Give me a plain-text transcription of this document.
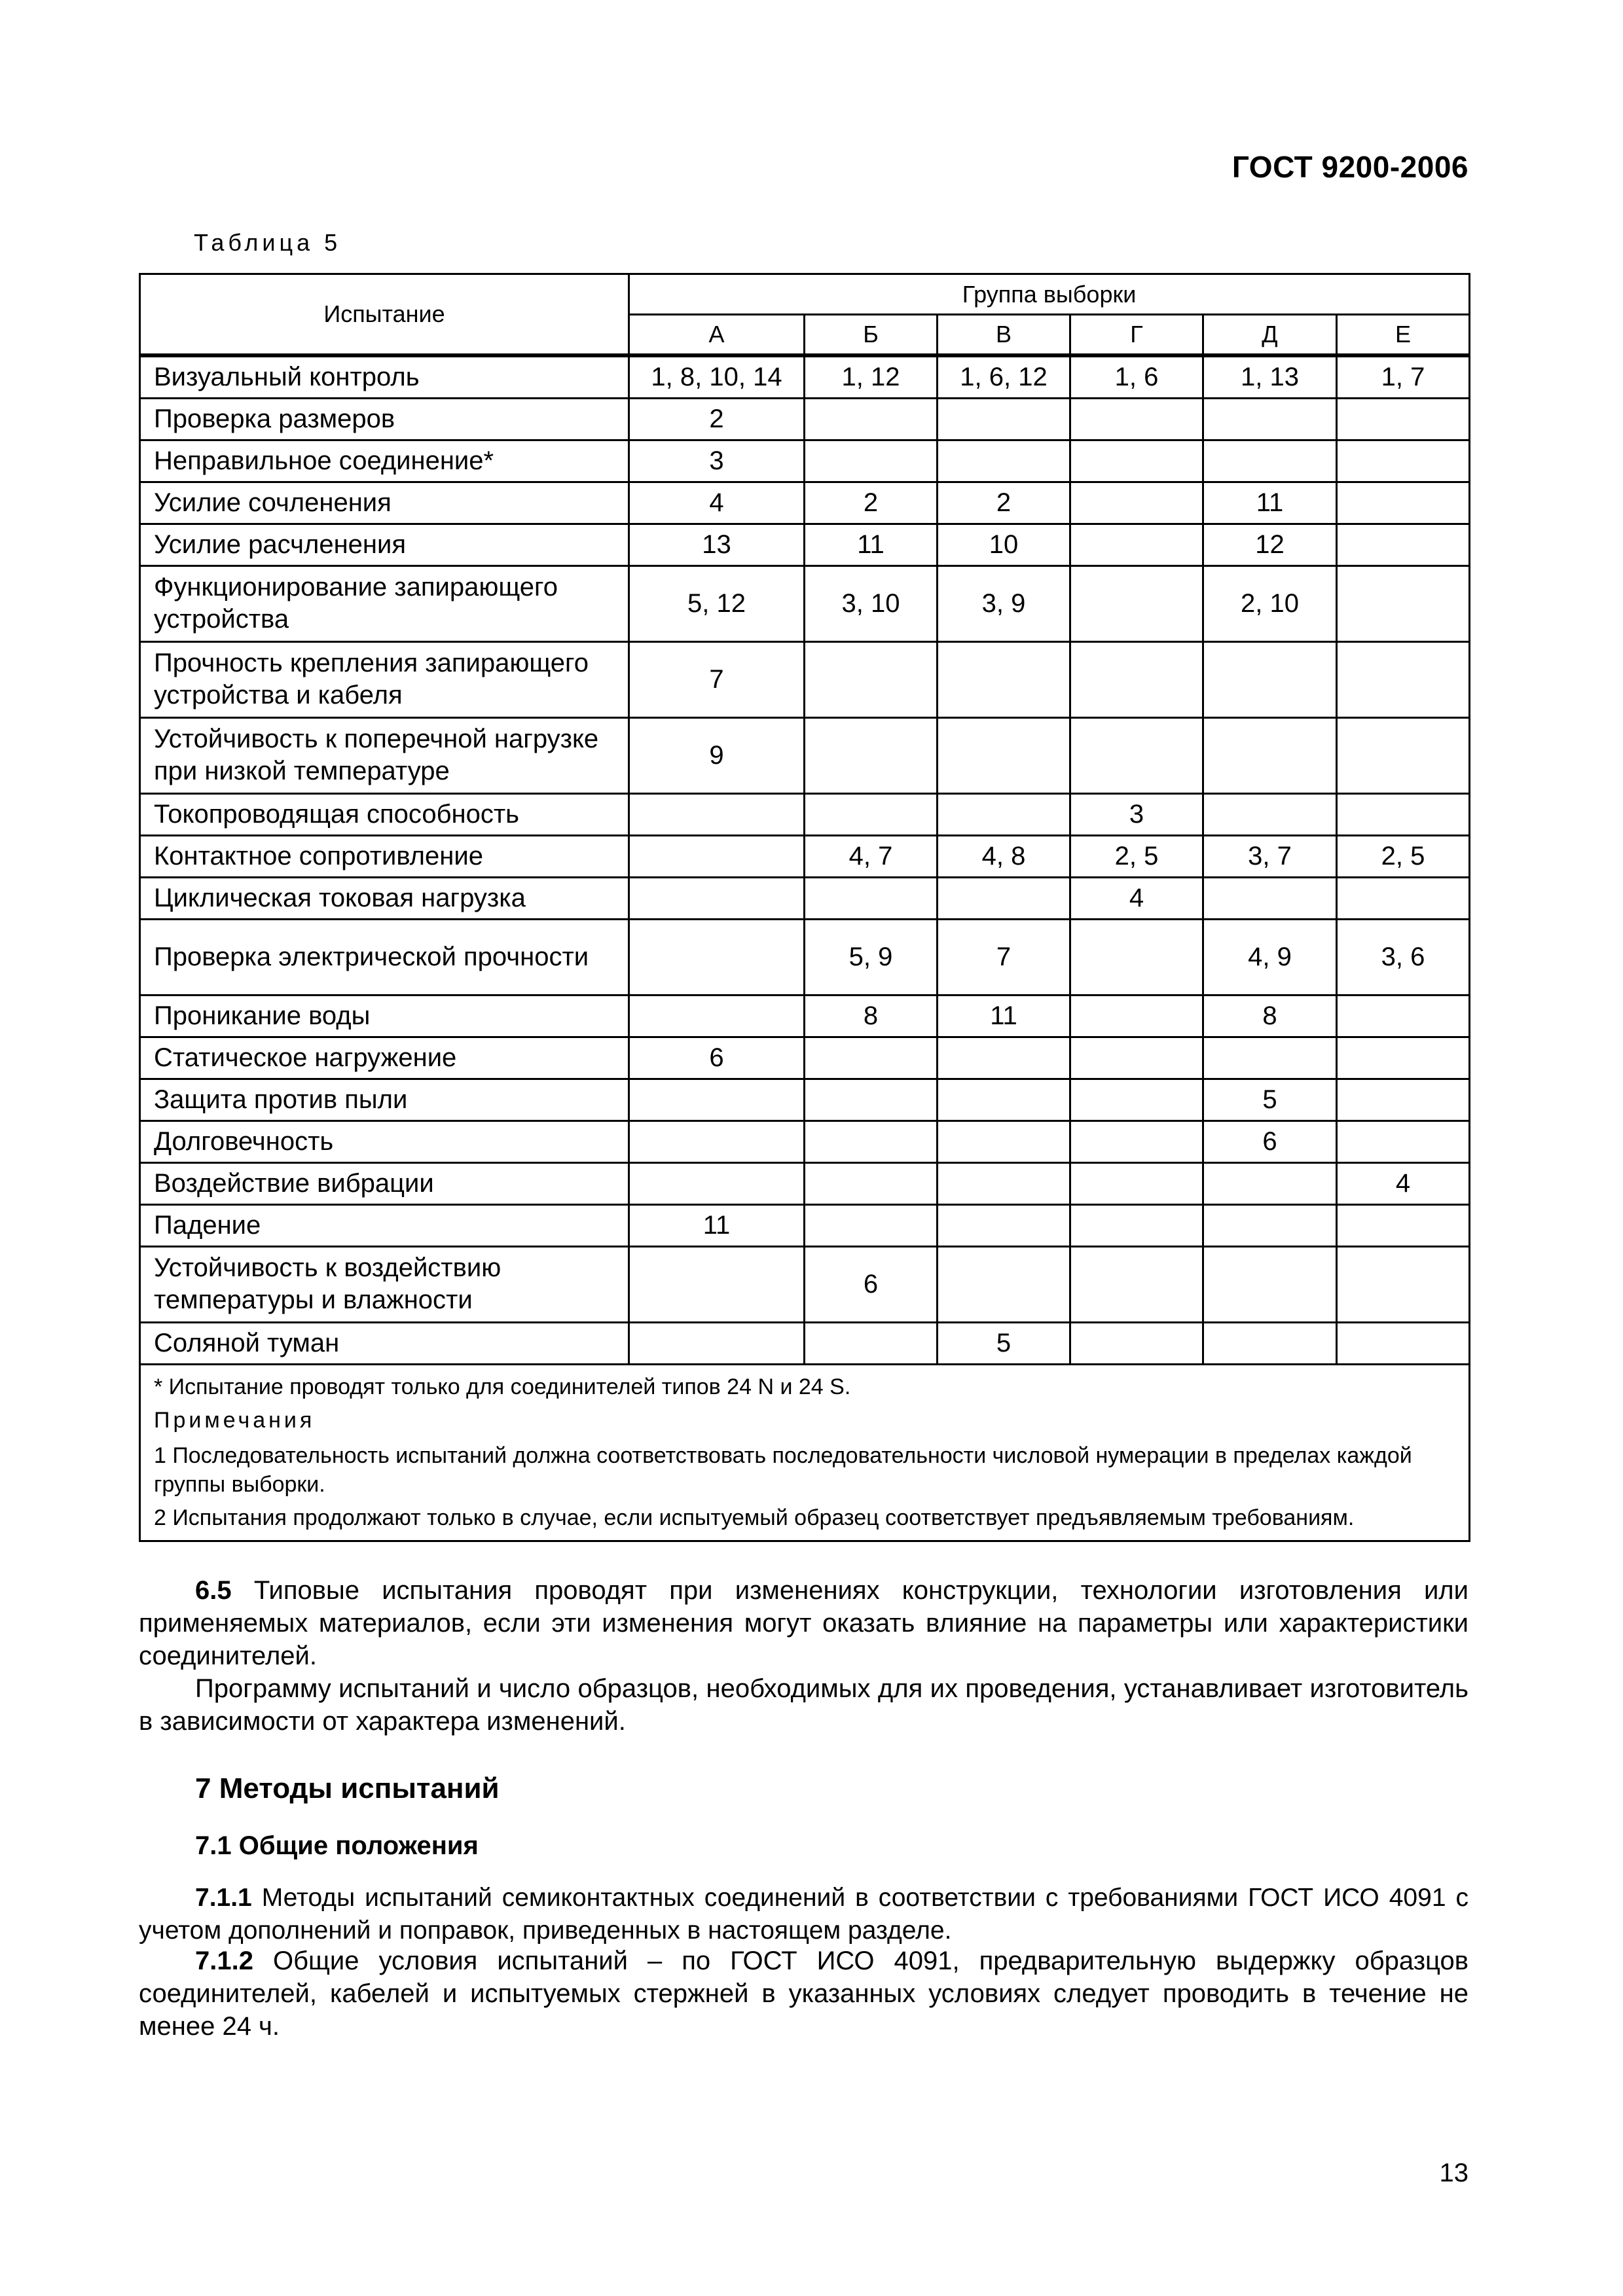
ГОСТ 9200-2006
Таблица 5
Испытание	Группа выборки					
	А	Б	В	Г	Д	Е
Визуальный контроль	1, 8, 10, 14	1, 12	1, 6, 12	1, 6	1, 13	1, 7
Проверка размеров	2					
Неправильное соединение*	3					
Усилие сочленения	4	2	2		11	
Усилие расчленения	13	11	10		12	
Функционирование запирающего устройства	5, 12	3, 10	3, 9		2, 10	
Прочность крепления запирающего устройства и кабеля	7					
Устойчивость к поперечной нагрузке при низкой температуре	9					
Токопроводящая способность				3		
Контактное сопротивление		4, 7	4, 8	2, 5	3, 7	2, 5
Циклическая токовая нагрузка				4		
Проверка электрической прочности		5, 9	7		4, 9	3, 6
Проникание воды		8	11		8	
Статическое нагружение	6					
Защита против пыли					5	
Долговечность					6	
Воздействие вибрации						4
Падение	11					
Устойчивость к воздействию температуры и влажности		6				
Соляной туман			5			

* Испытание проводят только для соединителей типов 24 N и 24 S.

Примечания

1 Последовательность испытаний должна соответствовать последовательности числовой нумерации в пределах каждой группы выборки.

2 Испытания продолжают только в случае, если испытуемый образец соответствует предъявляемым требованиям.						

6.5 Типовые испытания проводят при изменениях конструкции, технологии изготовления или применяемых материалов, если эти изменения могут оказать влияние на параметры или характеристики соединителей.

Программу испытаний и число образцов, необходимых для их проведения, устанавливает изготовитель в зависимости от характера изменений.

7 Методы испытаний
7.1 Общие положения

7.1.1 Методы испытаний семиконтактных соединений в соответствии с требованиями ГОСТ ИСО 4091 с учетом дополнений и поправок, приведенных в настоящем разделе.

7.1.2 Общие условия испытаний – по ГОСТ ИСО 4091, предварительную выдержку образцов соединителей, кабелей и испытуемых стержней в указанных условиях следует проводить в течение не менее 24 ч.

13
